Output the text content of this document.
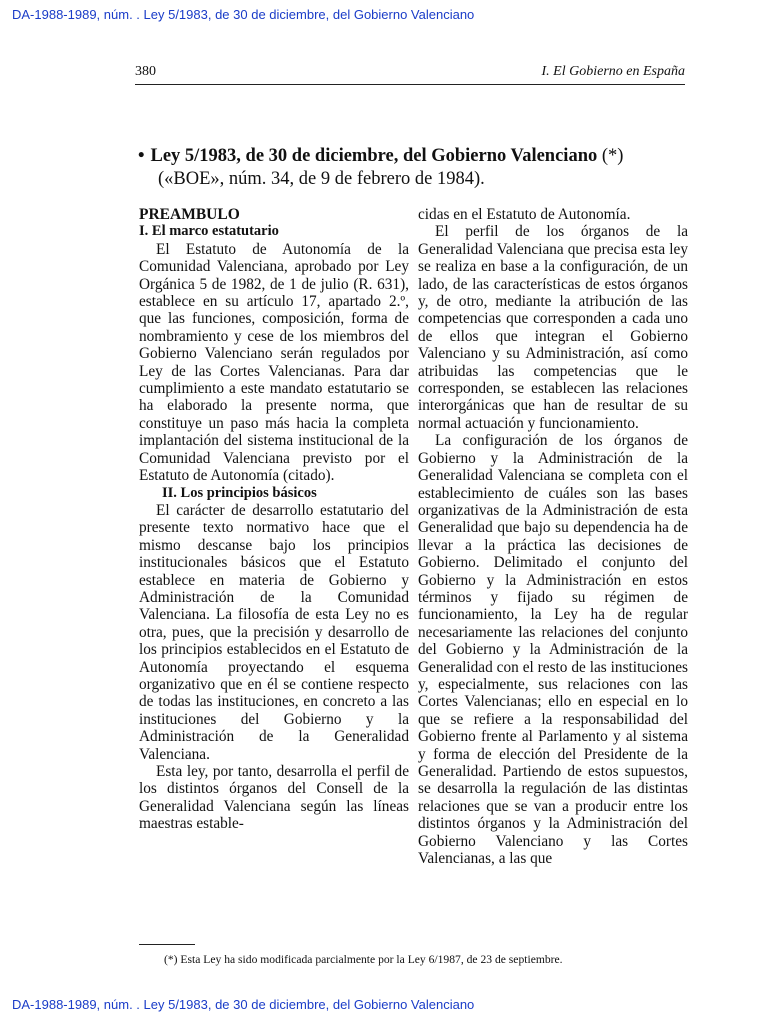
DA-1988-1989, núm. . Ley 5/1983, de 30 de diciembre, del Gobierno Valenciano
380	I. El Gobierno en España
• Ley 5/1983, de 30 de diciembre, del Gobierno Valenciano (*)
(«BOE», núm. 34, de 9 de febrero de 1984).

PREAMBULO

I. El marco estatutario

El Estatuto de Autonomía de la Comunidad Valenciana, aprobado por Ley Orgánica 5 de 1982, de 1 de julio (R. 631), establece en su artículo 17, apartado 2.º, que las funciones, composición, forma de nombramiento y cese de los miembros del Gobierno Valenciano serán regulados por Ley de las Cortes Valencianas. Para dar cumplimiento a este mandato estatutario se ha elaborado la presente norma, que constituye un paso más hacia la completa implantación del sistema institucional de la Comunidad Valenciana previsto por el Estatuto de Autonomía (citado).

II. Los principios básicos

El carácter de desarrollo estatutario del presente texto normativo hace que el mismo descanse bajo los principios institucionales básicos que el Estatuto establece en materia de Gobierno y Administración de la Comunidad Valenciana. La filosofía de esta Ley no es otra, pues, que la precisión y desarrollo de los principios establecidos en el Estatuto de Autonomía proyectando el esquema organizativo que en él se contiene respecto de todas las instituciones, en concreto a las instituciones del Gobierno y la Administración de la Generalidad Valenciana.

Esta ley, por tanto, desarrolla el perfil de los distintos órganos del Consell de la Generalidad Valenciana según las líneas maestras estable-

cidas en el Estatuto de Autonomía.

El perfil de los órganos de la Generalidad Valenciana que precisa esta ley se realiza en base a la configuración, de un lado, de las características de estos órganos y, de otro, mediante la atribución de las competencias que corresponden a cada uno de ellos que integran el Gobierno Valenciano y su Administración, así como atribuidas las competencias que le corresponden, se establecen las relaciones interorgánicas que han de resultar de su normal actuación y funcionamiento.

La configuración de los órganos de Gobierno y la Administración de la Generalidad Valenciana se completa con el establecimiento de cuáles son las bases organizativas de la Administración de esta Generalidad que bajo su dependencia ha de llevar a la práctica las decisiones de Gobierno. Delimitado el conjunto del Gobierno y la Administración en estos términos y fijado su régimen de funcionamiento, la Ley ha de regular necesariamente las relaciones del conjunto del Gobierno y la Administración de la Generalidad con el resto de las instituciones y, especialmente, sus relaciones con las Cortes Valencianas; ello en especial en lo que se refiere a la responsabilidad del Gobierno frente al Parlamento y al sistema y forma de elección del Presidente de la Generalidad. Partiendo de estos supuestos, se desarrolla la regulación de las distintas relaciones que se van a producir entre los distintos órganos y la Administración del Gobierno Valenciano y las Cortes Valencianas, a las que

(*) Esta Ley ha sido modificada parcialmente por la Ley 6/1987, de 23 de septiembre.
DA-1988-1989, núm. . Ley 5/1983, de 30 de diciembre, del Gobierno Valenciano
